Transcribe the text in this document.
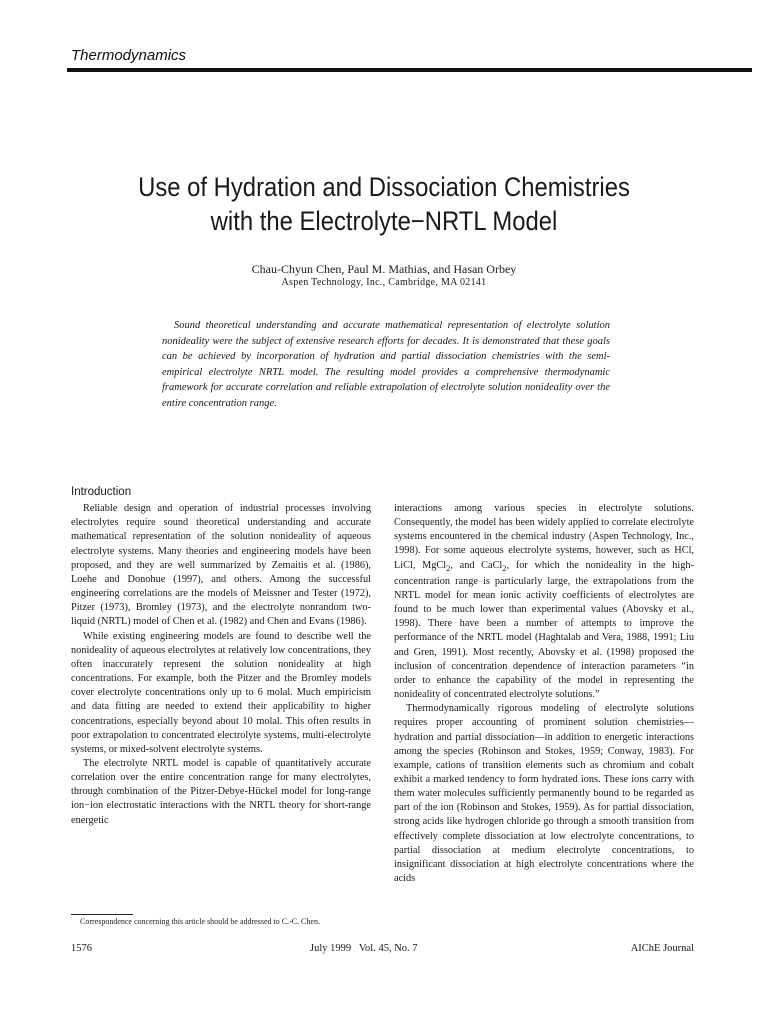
Thermodynamics
Use of Hydration and Dissociation Chemistries
with the Electrolyte−NRTL Model
Chau-Chyun Chen, Paul M. Mathias, and Hasan Orbey
Aspen Technology, Inc., Cambridge, MA 02141

Sound theoretical understanding and accurate mathematical representation of electrolyte solution nonideality were the subject of extensive research efforts for decades. It is demonstrated that these goals can be achieved by incorporation of hydration and partial dissociation chemistries with the semi-empirical electrolyte NRTL model. The resulting model provides a comprehensive thermodynamic framework for accurate correlation and reliable extrapolation of electrolyte solution nonideality over the entire concentration range.

Introduction

Reliable design and operation of industrial processes involving electrolytes require sound theoretical understanding and accurate mathematical representation of the solution nonideality of aqueous electrolyte systems. Many theories and engineering models have been proposed, and they are well summarized by Zemaitis et al. (1986), Loehe and Donohue (1997), and others. Among the successful engineering correlations are the models of Meissner and Tester (1972), Pitzer (1973), Bromley (1973), and the electrolyte nonrandom two-liquid (NRTL) model of Chen et al. (1982) and Chen and Evans (1986).

While existing engineering models are found to describe well the nonideality of aqueous electrolytes at relatively low concentrations, they often inaccurately represent the solution nonideality at high concentrations. For example, both the Pitzer and the Bromley models cover electrolyte concentrations only up to 6 molal. Much empiricism and data fitting are needed to extend their applicability to higher concentrations, especially beyond about 10 molal. This often results in poor extrapolation to concentrated electrolyte systems, multi-electrolyte systems, or mixed-solvent electrolyte systems.

The electrolyte NRTL model is capable of quantitatively accurate correlation over the entire concentration range for many electrolytes, through combination of the Pitzer-Debye-Hückel model for long-range ion−ion electrostatic interactions with the NRTL theory for short-range energetic

interactions among various species in electrolyte solutions. Consequently, the model has been widely applied to correlate electrolyte systems encountered in the chemical industry (Aspen Technology, Inc., 1998). For some aqueous electrolyte systems, however, such as HCl, LiCl, MgCl$_2$, and CaCl$_2$, for which the nonideality in the high-concentration range is particularly large, the extrapolations from the NRTL model for mean ionic activity coefficients of electrolytes are found to be much lower than experimental values (Abovsky et al., 1998). There have been a number of attempts to improve the performance of the NRTL model (Haghtalab and Vera, 1988, 1991; Liu and Gren, 1991). Most recently, Abovsky et al. (1998) proposed the inclusion of concentration dependence of interaction parameters “in order to enhance the capability of the model in representing the nonideality of concentrated electrolyte solutions.”

Thermodynamically rigorous modeling of electrolyte solutions requires proper accounting of prominent solution chemistries—hydration and partial dissociation—in addition to energetic interactions among the species (Robinson and Stokes, 1959; Conway, 1983). For example, cations of transition elements such as chromium and cobalt exhibit a marked tendency to form hydrated ions. These ions carry with them water molecules sufficiently permanently bound to be regarded as part of the ion (Robinson and Stokes, 1959). As for partial dissociation, strong acids like hydrogen chloride go through a smooth transition from effectively complete dissociation at low electrolyte concentrations, to partial dissociation at medium electrolyte concentrations, to insignificant dissociation at high electrolyte concentrations where the acids

Correspondence concerning this article should be addressed to C.-C. Chen.
1576	July 1999   Vol. 45, No. 7	AIChE Journal
